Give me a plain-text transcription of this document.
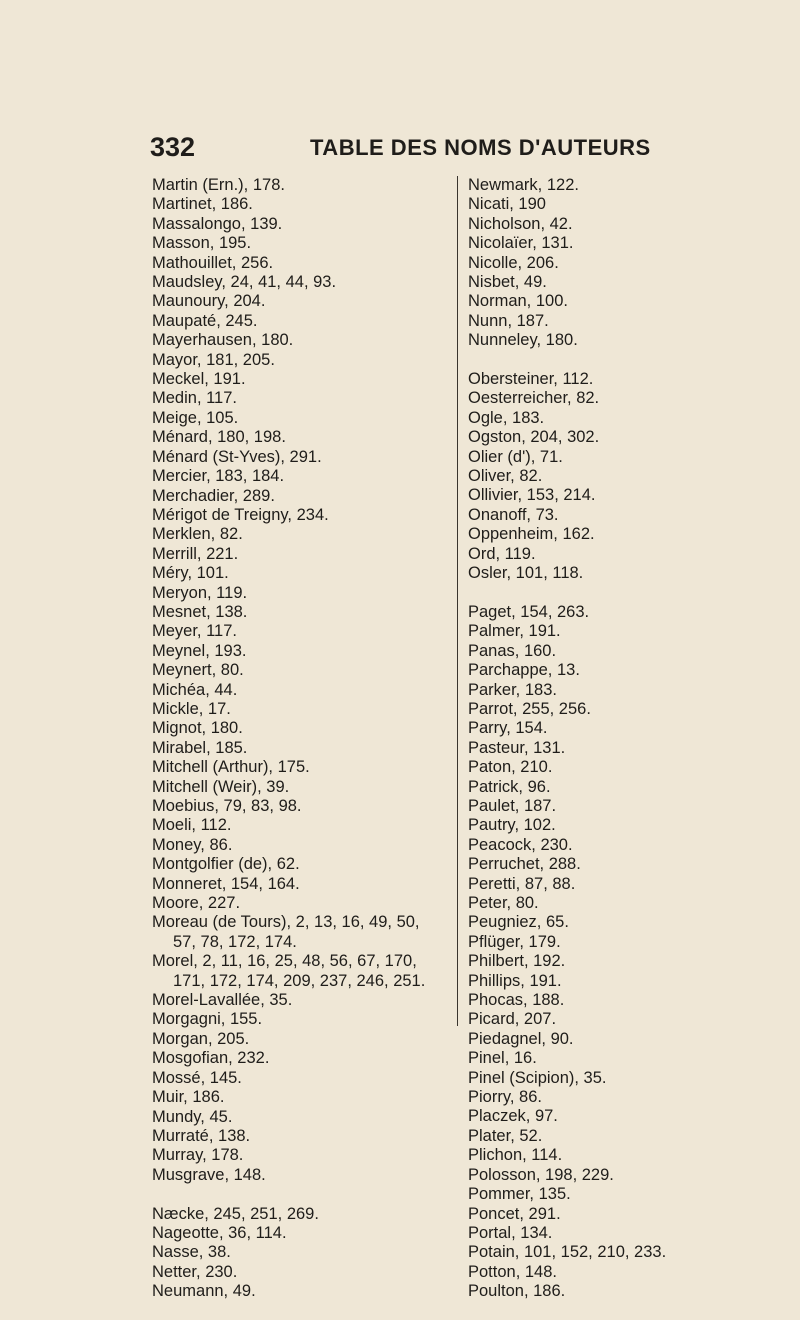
332	TABLE DES NOMS D'AUTEURS
Martin (Ern.), 178.
Martinet, 186.
Massalongo, 139.
Masson, 195.
Mathouillet, 256.
Maudsley, 24, 41, 44, 93.
Maunoury, 204.
Maupaté, 245.
Mayerhausen, 180.
Mayor, 181, 205.
Meckel, 191.
Medin, 117.
Meige, 105.
Ménard, 180, 198.
Ménard (St-Yves), 291.
Mercier, 183, 184.
Merchadier, 289.
Mérigot de Treigny, 234.
Merklen, 82.
Merrill, 221.
Méry, 101.
Meryon, 119.
Mesnet, 138.
Meyer, 117.
Meynel, 193.
Meynert, 80.
Michéa, 44.
Mickle, 17.
Mignot, 180.
Mirabel, 185.
Mitchell (Arthur), 175.
Mitchell (Weir), 39.
Moebius, 79, 83, 98.
Moeli, 112.
Money, 86.
Montgolfier (de), 62.
Monneret, 154, 164.
Moore, 227.
Moreau (de Tours), 2, 13, 16, 49, 50,
57, 78, 172, 174.
Morel, 2, 11, 16, 25, 48, 56, 67, 170,
171, 172, 174, 209, 237, 246, 251.
Morel-Lavallée, 35.
Morgagni, 155.
Morgan, 205.
Mosgofian, 232.
Mossé, 145.
Muir, 186.
Mundy, 45.
Murraté, 138.
Murray, 178.
Musgrave, 148.
Næcke, 245, 251, 269.
Nageotte, 36, 114.
Nasse, 38.
Netter, 230.
Neumann, 49.
Newmark, 122.
Nicati, 190
Nicholson, 42.
Nicolaïer, 131.
Nicolle, 206.
Nisbet, 49.
Norman, 100.
Nunn, 187.
Nunneley, 180.
Obersteiner, 112.
Oesterreicher, 82.
Ogle, 183.
Ogston, 204, 302.
Olier (d'), 71.
Oliver, 82.
Ollivier, 153, 214.
Onanoff, 73.
Oppenheim, 162.
Ord, 119.
Osler, 101, 118.
Paget, 154, 263.
Palmer, 191.
Panas, 160.
Parchappe, 13.
Parker, 183.
Parrot, 255, 256.
Parry, 154.
Pasteur, 131.
Paton, 210.
Patrick, 96.
Paulet, 187.
Pautry, 102.
Peacock, 230.
Perruchet, 288.
Peretti, 87, 88.
Peter, 80.
Peugniez, 65.
Pflüger, 179.
Philbert, 192.
Phillips, 191.
Phocas, 188.
Picard, 207.
Piedagnel, 90.
Pinel, 16.
Pinel (Scipion), 35.
Piorry, 86.
Placzek, 97.
Plater, 52.
Plichon, 114.
Polosson, 198, 229.
Pommer, 135.
Poncet, 291.
Portal, 134.
Potain, 101, 152, 210, 233.
Potton, 148.
Poulton, 186.
